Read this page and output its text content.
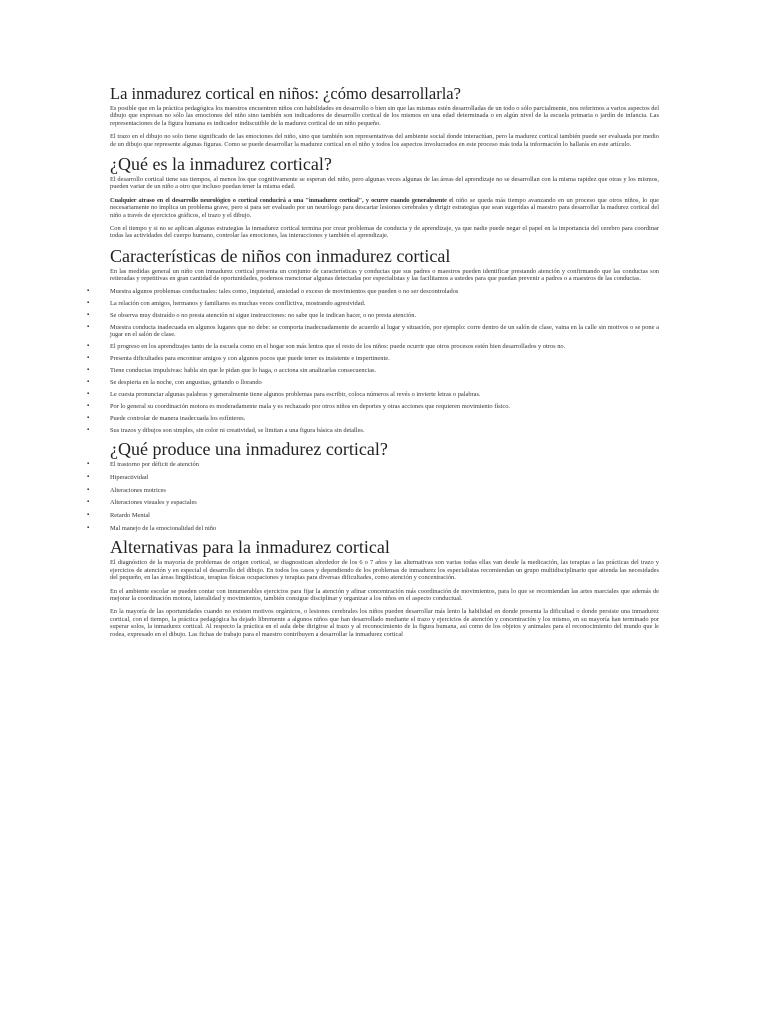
La inmadurez cortical en niños: ¿cómo desarrollarla?

Es posible que en la práctica pedagógica los maestros encuentren niños con habilidades en desarrollo o bien sin que las mismas estén desarrolladas de un todo o sólo parcialmente, nos referimos a varios aspectos del dibujo que expresan no sólo las emociones del niño sino también son indicadores de desarrollo cortical de los mismos en una edad determinada o en algún nivel de la escuela primaria o jardín de infancia. Las representaciones de la figura humana es indicador indiscutible de la madurez cortical de un niño pequeño.

El trazo en el dibujo no solo tiene significado de las emociones del niño, sino que también son representativas del ambiente social donde interactúan, pero la madurez cortical también puede ser evaluada por medio de un dibujo que represente algunas figuras. Como se puede desarrollar la madurez cortical en el niño y todos los aspectos involucrados en este proceso más toda la información lo hallarás en este artículo.

¿Qué es la inmadurez cortical?

El desarrollo cortical tiene sus tiempos, al menos los que cognitivamente se esperan del niño, pero algunas veces algunas de las áreas del aprendizaje no se desarrollan con la misma rapidez que otras y los mismos, pueden variar de un niño a otro que incluso puedan tener la misma edad.

Cualquier atraso en el desarrollo neurológico o cortical conducirá a una "inmadurez cortical", y ocurre cuando generalmente el niño se queda más tiempo avanzando en un proceso que otros niños, lo que necesariamente no implica un problema grave, pero si para ser evaluado por un neurólogo para descartar lesiones cerebrales y dirigir estrategias que sean sugeridas al maestro para desarrollar la madurez cortical del niño a través de ejercicios gráficos, el trazo y el dibujo.

Con el tiempo y si no se aplican algunas estrategias la inmadurez cortical termina por crear problemas de conducta y de aprendizaje, ya que nadie puede negar el papel en la importancia del cerebro para coordinar todas las actividades del cuerpo humano, controlar las emociones, las interacciones y también el aprendizaje.

Características de niños con inmadurez cortical

En las medidas general un niño con inmadurez cortical presenta un conjunto de características y conductas que sus padres o maestros pueden identificar prestando atención y confirmando que las conductas son reiteradas y repetitivas en gran cantidad de oportunidades, podemos mencionar algunas detectadas por especialistas y las facilitamos a ustedes para que puedan prevenir a padres o a maestros de las conductas.

▪	Muestra algunos problemas conductuales: tales como, inquietud, ansiedad o exceso de movimientos que pueden o no ser descontrolados
▪	La relación con amigos, hermanos y familiares es muchas veces conflictiva, mostrando agresividad.
▪	Se observa muy distraído o no presta atención ni sigue instrucciones: no sabe que le indican hacer, o no presta atención.
▪	Muestra conducta inadecuada en algunos lugares que no debe: se comporta inadecuadamente de acuerdo al lugar y situación, por ejemplo: corre dentro de un salón de clase, vaina en la calle sin motivos o se pone a jugar en el salón de clase.
▪	El progreso en los aprendizajes tanto de la escuela como en el hogar son más lentos que el resto de los niños: puede ocurrir que otros procesos estén bien desarrollados y otros no.
▪	Presenta dificultades para encontrar amigos y con algunos pocos que puede tener es insistente e impertinente.
▪	Tiene conductas impulsivas: habla sin que le pidan que lo haga, o acciona sin analizarlas consecuencias.
▪	Se despierta en la noche, con angustias, gritando o llorando
▪	Le cuesta pronunciar algunas palabras y generalmente tiene algunos problemas para escribir, coloca números al revés o invierte letras o palabras.
▪	Por lo general su coordinación motora es moderadamente mala y es rechazado por otros niños en deportes y otras acciones que requieren movimiento físico.
▪	Puede controlar de manera inadecuada los esfínteres.
▪	Sus trazos y dibujos son simples, sin color ni creatividad, se limitan a una figura básica sin detalles.
¿Qué produce una inmadurez cortical?
▪	El trastorno por déficit de atención
▪	Hiperactividad
▪	Alteraciones motrices
▪	Alteraciones visuales y espaciales
▪	Retardo Mental
▪	Mal manejo de la emocionalidad del niño
Alternativas para la inmadurez cortical

El diagnóstico de la mayoría de problemas de origen cortical, se diagnostican alrededor de los 6 o 7 años y las alternativas son varias todas ellas van desde la medicación, las terapias a las prácticas del trazo y ejercicios de atención y en especial el desarrollo del dibujo. En todos los casos y dependiendo de los problemas de inmadurez los especialistas recomiendan un grupo multidisciplinario que atienda las necesidades del pequeño, en las áreas lingüísticas, terapias físicas ocupaciones y terapias para diversas dificultades, como atención y concentración.

En el ambiente escolar se pueden contar con innumerables ejercicios para fijar la atención y afinar concentración más coordinación de movimientos, para lo que se recomiendan las artes marciales que además de mejorar la coordinación motora, lateralidad y movimientos, también consigue disciplinar y organizar a los niños en el aspecto conductual.

En la mayoría de las oportunidades cuando no existen motivos orgánicos, o lesiones cerebrales los niños pueden desarrollar más lento la habilidad en donde presenta la dificultad o donde persiste una inmadurez cortical, con el tiempo, la práctica pedagógica ha dejado libremente a algunos niños que han desarrollado mediante el trazo y ejercicios de atención y concentración y los mismo, en su mayoría han terminado por superar solos, la inmadurez cortical. Al respecto la práctica en el aula debe dirigirse al trazo y al reconocimiento de la figura humana, así como de los objetos y animales para el reconocimiento del mundo que le rodea, expresado en el dibujo. Las fichas de trabajo para el maestro contribuyen a desarrollar la inmadurez cortical
